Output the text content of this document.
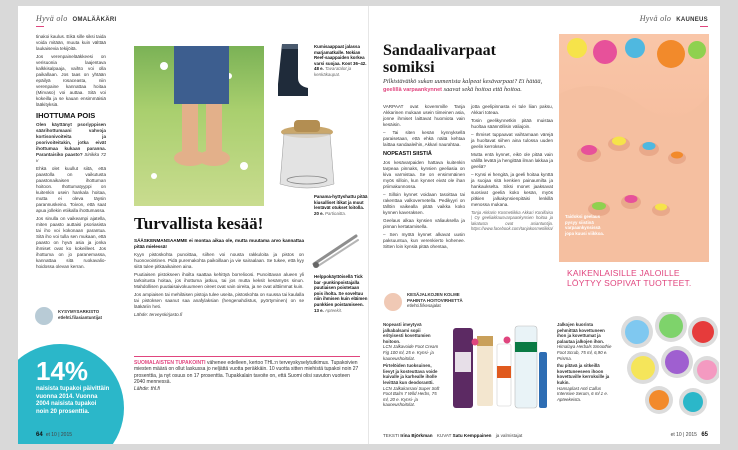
Hyvä olo OMALÄÄKÄRI

tinakoi kaulus. Eikä sille siksi taida voida mitään, muuta kuin välttää laukaisevia tekijöitä.

Jos verenpainelääkkeesi on verisuonia laajentava kalkkisalpaaja, vaihto voi olla paikallaan. Jos taas on yhtään epäilyä rosaceasta, niin verenpaine kannattaa hoitaa (Mirvaso) voi auttaa. Sitä voi kokeilla ja se kauan ensimmäisiä lääkityksiä.

IHOTTUMA POIS

Olen käyttänyt psoriyppisen säärihottumaani vahvoja kortisonivoiteita ja psorivoiteitakin, jotka eivät ihottumaa kukaan paranna. Parantaisiko paasto? Sinikka 72 v

Ehkä olet kuullut siitä, että paastolla on vaikutusta paastonaikaisen ihottuman hoitoon. Ihottumatyyppi on kuitenkin usein hankala hoitaa, mutta ei oleva täysin parannuskeino. Toivon, että saat apua jollekin etiikalla ihottumassa.

Jos sinulla on vaikeampi ajatella, miten paasto auttaisi psoriasista tai iho voi kokonaan parantua. Sitä iho voi tulla sen mukaan, että paasto on hyvä asia ja jonka ihmiset ovat ko kokeilleet. Jos ihottuma on jo paranemassa, kannattaa sitä ruokavalio-hoidossa olevan kerran.

KYSYMYSARKISTO
etlehti.fi/asiantuntijat
Kumisaappaat jalassa marjamatkalle. Nokian Reef-saappaiden korkea varsi suojaa. Koot 36–42. 48 e. Tavaratalot ja kenkäkaupat.
Panama-hyttyshattu pitää kiusalliset itikat ja muut lentävät otukset loitolla. 20 e. Partioaitta.
Helppokäyttöisellä Tick bar -punkinpoistajalla puutiaisen poistetaan pois iholta. Se soveltuu niin ihmisen kuin eläimen punkkien poistamiseen. 13 e. Apteekit.
Turvallista kesää!

SÄÄSKENMANSAAMME ei montaa aikaa ole, mutta muutama arvo kannattaa pitää mielessä!

Kyyn pistoskohta punoittaa, siihen voi nousta rakkuloita ja pistos on huonovointinen. Pidä puremakohta paikoillaan ja vie sairaalaan. Se tukee, että kyy siitä tulee pitkäaikainen aina.

Puutiaisen pistokseen ihoilta saattaa kehittyä borrelioosi. Punoittavan alueen yli tarkoitusta hoitaa, jos ihottuma jatkuu, tai jos mutta keksit kesämyös sinun. Mahdollisen puutiaisaivokuumeen oireet ovat vain oireita, ja ne ovat alttiimmat kuin.

Jos ampiaisen tai mehiläisen pistoja tulee useita, pistoskohta on suussa tai kaulalla tai pistoksen saanut saa anafylaksian (hengenahdistus, pyörtyminen) on se lääkäriin heti.

Lähde: terveyskirjasto.fi

SUOMALAISTEN TUPAKOINTI vähenee edelleen, kertoo THL:n terveyskyselytutkimus. Tupakoivien miesten määrä on ollut laskussa jo neljättä vuotta peräkkäin. 10 vuotta sitten miehistä tupakoi noin 27 prosenttia, ja nyt osuus on 17 prosenttia. Tupakkalain tavoite on, että Suomi olisi savuton vuoteen 2040 mennessä.
Lähde: thl.fi
14%
naisista tupakoi päivittäin vuonna 2014. Vuonna 2004 naisista tupakoi noin 20 prosenttia.
64 et 10 | 2015
Hyvä olo KAUNEUS
Sandaalivarpaat
somiksi
Pilkistävätkö sukan uumenista kalpeat kesävarpaat? Ei hätää, geelillä varpaankynnet saavat sekä hoitoa että hoitoa.

VARPAAT ovat kovemmille Tanja Akkarinen mukaan usein tiimeinen asia, jonne ihmiset laittavat huomiota vain kesäisin.

– Tai siten kesän kynnyksellä paraisetaan, että ehkä näitä kehtaa laittaa sandaaleihin, Akkari naurahtaa.

NOPEASTI SIISTIÄ

Jos kesävarpaiden hattava kuitenkin tarpeaa pinnaks, kynsien geeliasia on kiva varmistaa. Se on ensimmäinen myös silloin, kun kynnet eivät ole ihan priimakunnossa.

– Silloin kynnet voidaan tasoittaa tai rakenttaa valkovernetella. Pedikyyri on tällöin vaikealla pitää vaikka koko kynnen kaveraksen.

Geelaus alkaa kynsien väliauksella ja pinnan kertatamisella.

– Sen myötä kynnet alkavat uusin paksuuntua, kun verenkierto kohenee. Sitten loin kynsiä pitää ohentaa,

jotta geelipinnasta ei tule liian paksu, Akkari toteaa.

Tosin geelikynnetkin pitää muistaa huoltaa säännöllisin väliajoin.

– Ihmiset tuppaavat vaihtamaan värejä ja huoltavat siihen aina tulossa uuden geelin kerroksen.

Mutta entä kynnet, eikö ole pitää vain välillä levätä ja hengittää ilman lakkaa ja geeliä?

– Kynsi ei hengitä, ja geeli hoitaa kynttä ja suojaa sitä kenkien painaumilta ja hankaukselta. Siksi monet jaaksavat suosivat geeliä koko kesän, myös pitkien jalkakynsienpitäisi lenkillä menossa mukana.

Tanja Akkarin Kosmetiikka Akkari Konillaisa | Oy geeliakkausvarpaankynsien hoitoa ja lakatusta ovat asiantuntija. https://www.facebook.com/tanjakosmetiikka/

Taidoksi geelaus pysyy siistinä varpaankynsissä jopa kuusi viikkoa.
KAIKENLAISILLE JALOILLE
LÖYTYY SOPIVAT TUOTTEET.
KESÄJALKOJEN KOLME
PAHINTA HOITOVIRHETTÄ
etlehti.fi/kesajalat

Nopeasti imeytyvä jalkabalsami sopii erityisesti kovettumien hoitoon.
LCN Jalkavoide Foot Cream Fig 100 ml, 25 e. Kynsi- ja kauneushoitolat.

Pirtelöiden tuoksuinen, lievyt ja kosteuttava voide kuivalle ja karhealle iholle levittää kun deodorantti.
LCN Jalkakarsani Super Soft Foot Balm 7 Wild Herbs, 75 ml, 20 e. Kynsi- ja kauneushoitolat.

Jalkojen kuorinta pehmittää kovettuneen ihon ja kovettumat ja palautaa jalkojen ihon.
Himalaya Herbals Smoothie Foot Scrub, 75 ml, 6,90 e. Prisma.

Ihu pitävä ja sitkeillä kovettuneeseen ihoon kovettuville kerroksille ja kukin.
Hansaplast Anti Callus Intensive Serum, 6 ml 1 e. Apteekeista.

TEKSTI Irina Björkman KUVAT Satu Kemppainen ja valmistajat	et 10 | 2015 65
